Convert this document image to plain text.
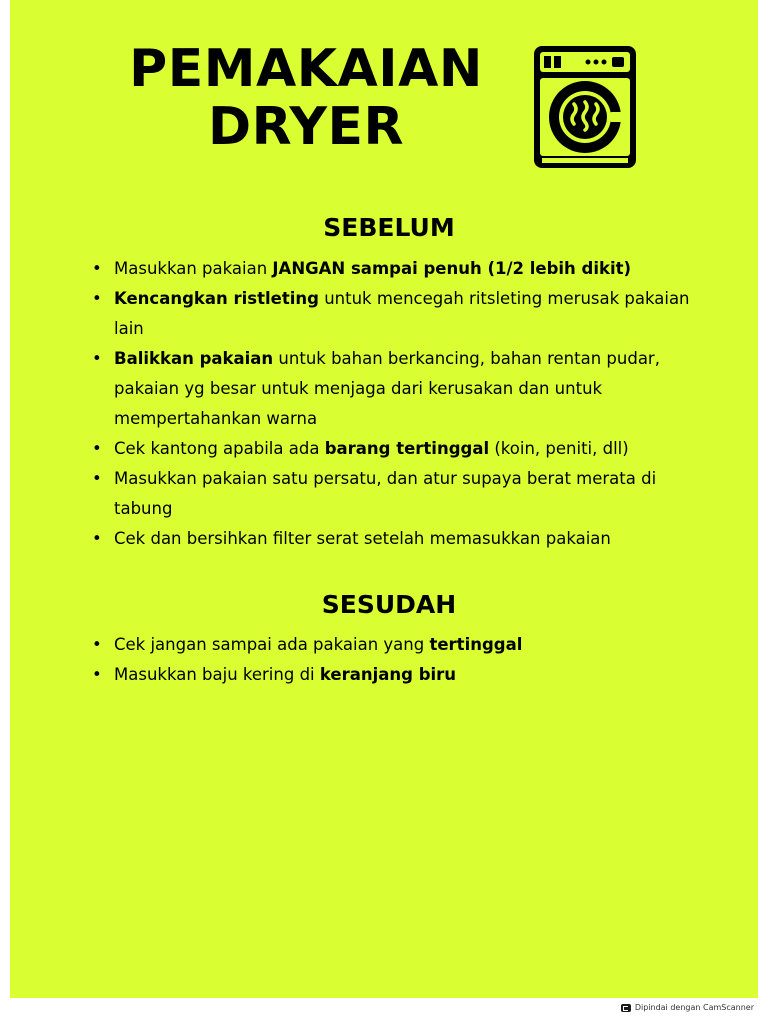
PEMAKAIAN
DRYER
SEBELUM
• Masukkan pakaian JANGAN sampai penuh (1/2 lebih dikit)
• Kencangkan ristleting untuk mencegah ritsleting merusak pakaian lain
• Balikkan pakaian untuk bahan berkancing, bahan rentan pudar, pakaian yg besar untuk menjaga dari kerusakan dan untuk mempertahankan warna
• Cek kantong apabila ada barang tertinggal (koin, peniti, dll)
• Masukkan pakaian satu persatu, dan atur supaya berat merata di tabung
• Cek dan bersihkan filter serat setelah memasukkan pakaian
SESUDAH
• Cek jangan sampai ada pakaian yang tertinggal
• Masukkan baju kering di keranjang biru
Dipindai dengan CamScanner
